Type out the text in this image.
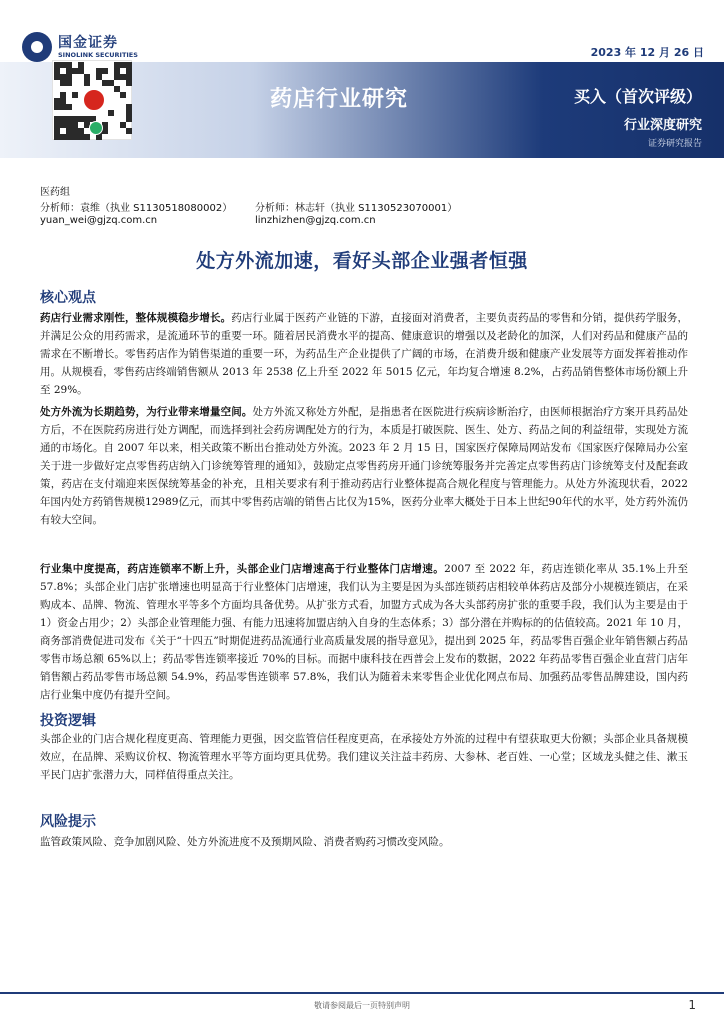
国金证券
SINOLINK SECURITIES	2023 年 12 月 26 日
药店行业研究	买入（首次评级）
行业深度研究
证券研究报告
医药组
分析师：袁维（执业 S1130518080002） 分析师：林志轩（执业 S1130523070001）
yuan_wei@gjzq.com.cn	linzhizhen@gjzq.com.cn
处方外流加速，看好头部企业强者恒强
核心观点

药店行业需求刚性，整体规模稳步增长。药店行业属于医药产业链的下游，直接面对消费者，主要负责药品的零售和分销，提供药学服务，并满足公众的用药需求，是流通环节的重要一环。随着居民消费水平的提高、健康意识的增强以及老龄化的加深，人们对药品和健康产品的需求在不断增长。零售药店作为销售渠道的重要一环，为药品生产企业提供了广阔的市场，在消费升级和健康产业发展等方面发挥着推动作用。从规模看，零售药店终端销售额从 2013 年 2538 亿上升至 2022 年 5015 亿元，年均复合增速 8.2%，占药品销售整体市场份额上升至 29%。

处方外流为长期趋势，为行业带来增量空间。处方外流又称处方外配，是指患者在医院进行疾病诊断治疗，由医师根据治疗方案开具药品处方后，不在医院药房进行处方调配，而选择到社会药房调配处方的行为，本质是打破医院、医生、处方、药品之间的利益纽带，实现处方流通的市场化。自 2007 年以来，相关政策不断出台推动处方外流。2023 年 2 月 15 日，国家医疗保障局网站发布《国家医疗保障局办公室关于进一步做好定点零售药店纳入门诊统筹管理的通知》，鼓励定点零售药房开通门诊统筹服务并完善定点零售药店门诊统筹支付及配套政策，药店在支付端迎来医保统筹基金的补充，且相关要求有利于推动药店行业整体提高合规化程度与管理能力。从处方外流现状看，2022 年国内处方药销售规模12989亿元，而其中零售药店端的销售占比仅为15%，医药分业率大概处于日本上世纪90年代的水平，处方药外流仍有较大空间。

行业集中度提高，药店连锁率不断上升，头部企业门店增速高于行业整体门店增速。2007 至 2022 年，药店连锁化率从 35.1%上升至 57.8%；头部企业门店扩张增速也明显高于行业整体门店增速，我们认为主要是因为头部连锁药店相较单体药店及部分小规模连锁店，在采购成本、品牌、物流、管理水平等多个方面均具备优势。从扩张方式看，加盟方式成为各大头部药房扩张的重要手段，我们认为主要是由于 1）资金占用少；2）头部企业管理能力强、有能力迅速将加盟店纳入自身的生态体系；3）部分潜在并购标的的估值较高。2021 年 10 月，商务部消费促进司发布《关于“十四五”时期促进药品流通行业高质量发展的指导意见》，提出到 2025 年，药品零售百强企业年销售额占药品零售市场总额 65%以上；药品零售连锁率接近 70%的目标。而据中康科技在西普会上发布的数据，2022 年药品零售百强企业直营门店年销售额占药品零售市场总额 54.9%，药品零售连锁率 57.8%，我们认为随着未来零售企业优化网点布局、加强药品零售品牌建设，国内药店行业集中度仍有提升空间。

投资逻辑

头部企业的门店合规化程度更高、管理能力更强，因交监管信任程度更高，在承接处方外流的过程中有望获取更大份额；头部企业具备规模效应，在品牌、采购议价权、物流管理水平等方面均更具优势。我们建议关注益丰药房、大参林、老百姓、一心堂；区域龙头健之佳、漱玉平民门店扩张潜力大，同样值得重点关注。

风险提示

监管政策风险、竞争加剧风险、处方外流进度不及预期风险、消费者购药习惯改变风险。

敬请参阅最后一页特别声明	1
